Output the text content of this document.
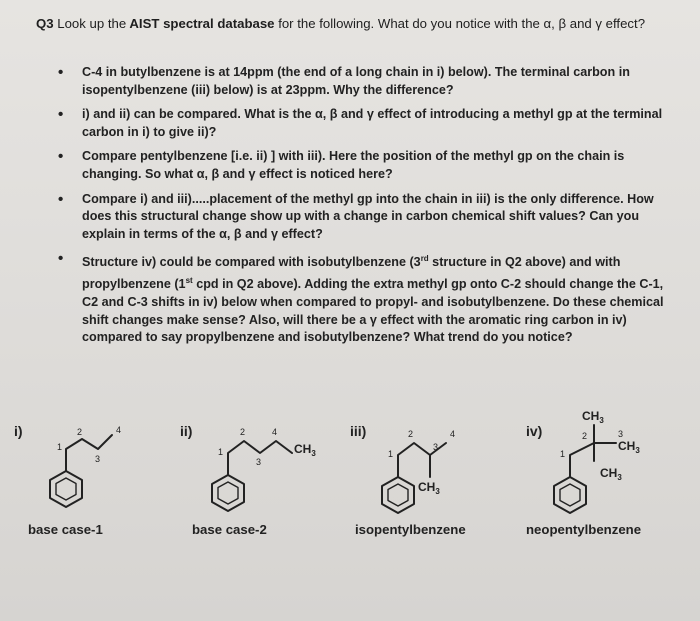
Q3 Look up the AIST spectral database for the following. What do you notice with the α, β and γ effect?
• C-4 in butylbenzene is at 14ppm (the end of a long chain in i) below). The terminal carbon in isopentylbenzene (iii) below) is at 23ppm. Why the difference?
• i) and ii) can be compared. What is the α, β and γ effect of introducing a methyl gp at the terminal carbon in i) to give ii)?
• Compare pentylbenzene [i.e. ii) ] with iii). Here the position of the methyl gp on the chain is changing. So what α, β and γ effect is noticed here?
• Compare i) and iii).....placement of the methyl gp into the chain in iii) is the only difference. How does this structural change show up with a change in carbon chemical shift values? Can you explain in terms of the α, β and γ effect?
• Structure iv) could be compared with isobutylbenzene (3rd structure in Q2 above) and with propylbenzene (1st cpd in Q2 above). Adding the extra methyl gp onto C-2 should change the C-1, C2 and C-3 shifts in iv) below when compared to propyl- and isobutylbenzene. Do these chemical shift changes make sense? Also, will there be a γ effect with the aromatic ring carbon in iv) compared to say propylbenzene and isobutylbenzene? What trend do you notice?
i)
1
2
3
4	ii)
1
2
3
4
$CH_3$
iii)
1
2
3
4
$CH_3$
iv)
1
2	3
$CH_3$
$CH_3$
$CH_3$
base case-1	base case-2	isopentylbenzene	neopentylbenzene
